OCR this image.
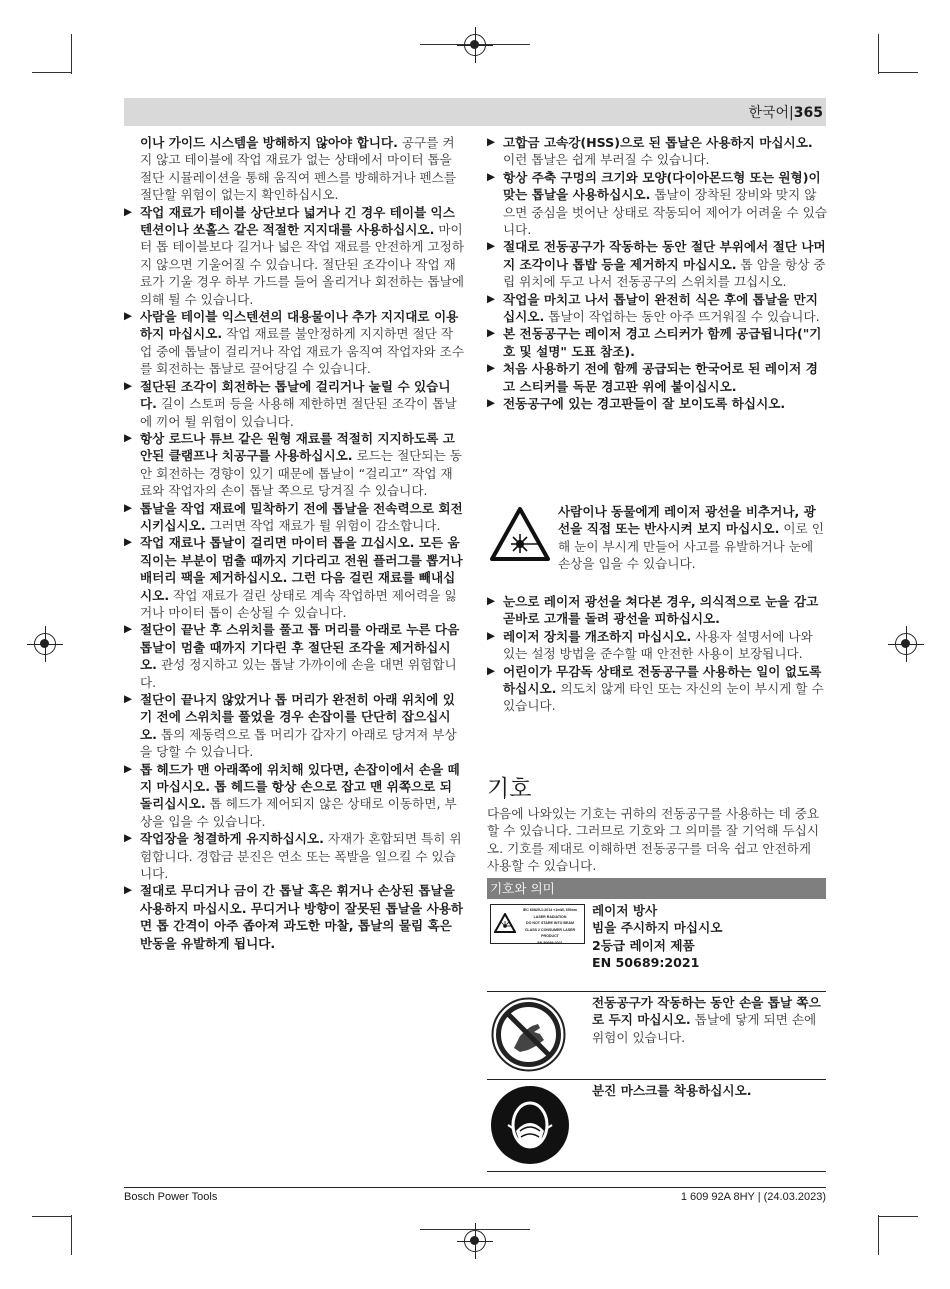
한국어|365

이나 가이드 시스템을 방해하지 않아야 합니다. 공구를 켜지 않고 테이블에 작업 재료가 없는 상태에서 마이터 톱을 절단 시뮬레이션을 통해 움직여 펜스를 방해하거나 펜스를 절단할 위험이 없는지 확인하십시오.

▶ 작업 재료가 테이블 상단보다 넓거나 긴 경우 테이블 익스텐션이나 쏘홀스 같은 적절한 지지대를 사용하십시오. 마이터 톱 테이블보다 길거나 넓은 작업 재료를 안전하게 고정하지 않으면 기울어질 수 있습니다. 절단된 조각이나 작업 재료가 기울 경우 하부 가드를 들어 올리거나 회전하는 톱날에 의해 튈 수 있습니다.

▶ 사람을 테이블 익스텐션의 대용물이나 추가 지지대로 이용하지 마십시오. 작업 재료를 불안정하게 지지하면 절단 작업 중에 톱날이 걸리거나 작업 재료가 움직여 작업자와 조수를 회전하는 톱날로 끌어당길 수 있습니다.

▶ 절단된 조각이 회전하는 톱날에 걸리거나 눌릴 수 있습니다. 길이 스토퍼 등을 사용해 제한하면 절단된 조각이 톱날에 끼어 튈 위험이 있습니다.

▶ 항상 로드나 튜브 같은 원형 재료를 적절히 지지하도록 고안된 클램프나 치공구를 사용하십시오. 로드는 절단되는 동안 회전하는 경향이 있기 때문에 톱날이 “걸리고” 작업 재료와 작업자의 손이 톱날 쪽으로 당겨질 수 있습니다.

▶ 톱날을 작업 재료에 밀착하기 전에 톱날을 전속력으로 회전시키십시오. 그러면 작업 재료가 튈 위험이 감소합니다.

▶ 작업 재료나 톱날이 걸리면 마이터 톱을 끄십시오. 모든 움직이는 부분이 멈출 때까지 기다리고 전원 플러그를 뽑거나 배터리 팩을 제거하십시오. 그런 다음 걸린 재료를 빼내십시오. 작업 재료가 걸린 상태로 계속 작업하면 제어력을 잃거나 마이터 톱이 손상될 수 있습니다.

▶ 절단이 끝난 후 스위치를 풀고 톱 머리를 아래로 누른 다음 톱날이 멈출 때까지 기다린 후 절단된 조각을 제거하십시오. 관성 정지하고 있는 톱날 가까이에 손을 대면 위험합니다.

▶ 절단이 끝나지 않았거나 톱 머리가 완전히 아래 위치에 있기 전에 스위치를 풀었을 경우 손잡이를 단단히 잡으십시오. 톱의 제동력으로 톱 머리가 갑자기 아래로 당겨져 부상을 당할 수 있습니다.

▶ 톱 헤드가 맨 아래쪽에 위치해 있다면, 손잡이에서 손을 떼지 마십시오. 톱 헤드를 항상 손으로 잡고 맨 위쪽으로 되돌리십시오. 톱 헤드가 제어되지 않은 상태로 이동하면, 부상을 입을 수 있습니다.

▶ 작업장을 청결하게 유지하십시오. 자재가 혼합되면 특히 위험합니다. 경합금 분진은 연소 또는 폭발을 일으킬 수 있습니다.

▶ 절대로 무디거나 금이 간 톱날 혹은 휘거나 손상된 톱날을 사용하지 마십시오. 무디거나 방향이 잘못된 톱날을 사용하면 톱 간격이 아주 좁아져 과도한 마찰, 톱날의 물림 혹은 반동을 유발하게 됩니다.

▶ 고합금 고속강(HSS)으로 된 톱날은 사용하지 마십시오. 이런 톱날은 쉽게 부러질 수 있습니다.

▶ 항상 주축 구멍의 크기와 모양(다이아몬드형 또는 원형)이 맞는 톱날을 사용하십시오. 톱날이 장착된 장비와 맞지 않으면 중심을 벗어난 상태로 작동되어 제어가 어려울 수 있습니다.

▶ 절대로 전동공구가 작동하는 동안 절단 부위에서 절단 나머지 조각이나 톱밥 등을 제거하지 마십시오. 톱 암을 항상 중립 위치에 두고 나서 전동공구의 스위치를 끄십시오.

▶ 작업을 마치고 나서 톱날이 완전히 식은 후에 톱날을 만지십시오. 톱날이 작업하는 동안 아주 뜨거워질 수 있습니다.

▶ 본 전동공구는 레이저 경고 스티커가 함께 공급됩니다("기호 및 설명" 도표 참조).

▶ 처음 사용하기 전에 함께 공급되는 한국어로 된 레이저 경고 스티커를 독문 경고판 위에 붙이십시오.

▶ 전동공구에 있는 경고판들이 잘 보이도록 하십시오.

사람이나 동물에게 레이저 광선을 비추거나, 광선을 직접 또는 반사시켜 보지 마십시오. 이로 인해 눈이 부시게 만들어 사고를 유발하거나 눈에 손상을 입을 수 있습니다.

▶ 눈으로 레이저 광선을 쳐다본 경우, 의식적으로 눈을 감고 곧바로 고개를 돌려 광선을 피하십시오.

▶ 레이저 장치를 개조하지 마십시오. 사용자 설명서에 나와 있는 설정 방법을 준수할 때 안전한 사용이 보장됩니다.

▶ 어린이가 무감독 상태로 전동공구를 사용하는 일이 없도록 하십시오. 의도치 않게 타인 또는 자신의 눈이 부시게 할 수 있습니다.

기호
다음에 나와있는 기호는 귀하의 전동공구를 사용하는 데 중요할 수 있습니다. 그러므로 기호와 그 의미를 잘 기억해 두십시오. 기호를 제대로 이해하면 전동공구를 더욱 쉽고 안전하게 사용할 수 있습니다.
기호와 의미
IEC 60825-1:2014 <1mW, 650nm
LASER RADIATION
DO NOT STARE INTO BEAM
CLASS 2 CONSUMER LASER PRODUCT
EN 50689:2021
레이저 방사
빔을 주시하지 마십시오
2등급 레이저 제품
EN 50689:2021
전동공구가 작동하는 동안 손을 톱날 쪽으로 두지 마십시오. 톱날에 닿게 되면 손에 위험이 있습니다.
분진 마스크를 착용하십시오.
Bosch Power Tools	1 609 92A 8HY | (24.03.2023)
